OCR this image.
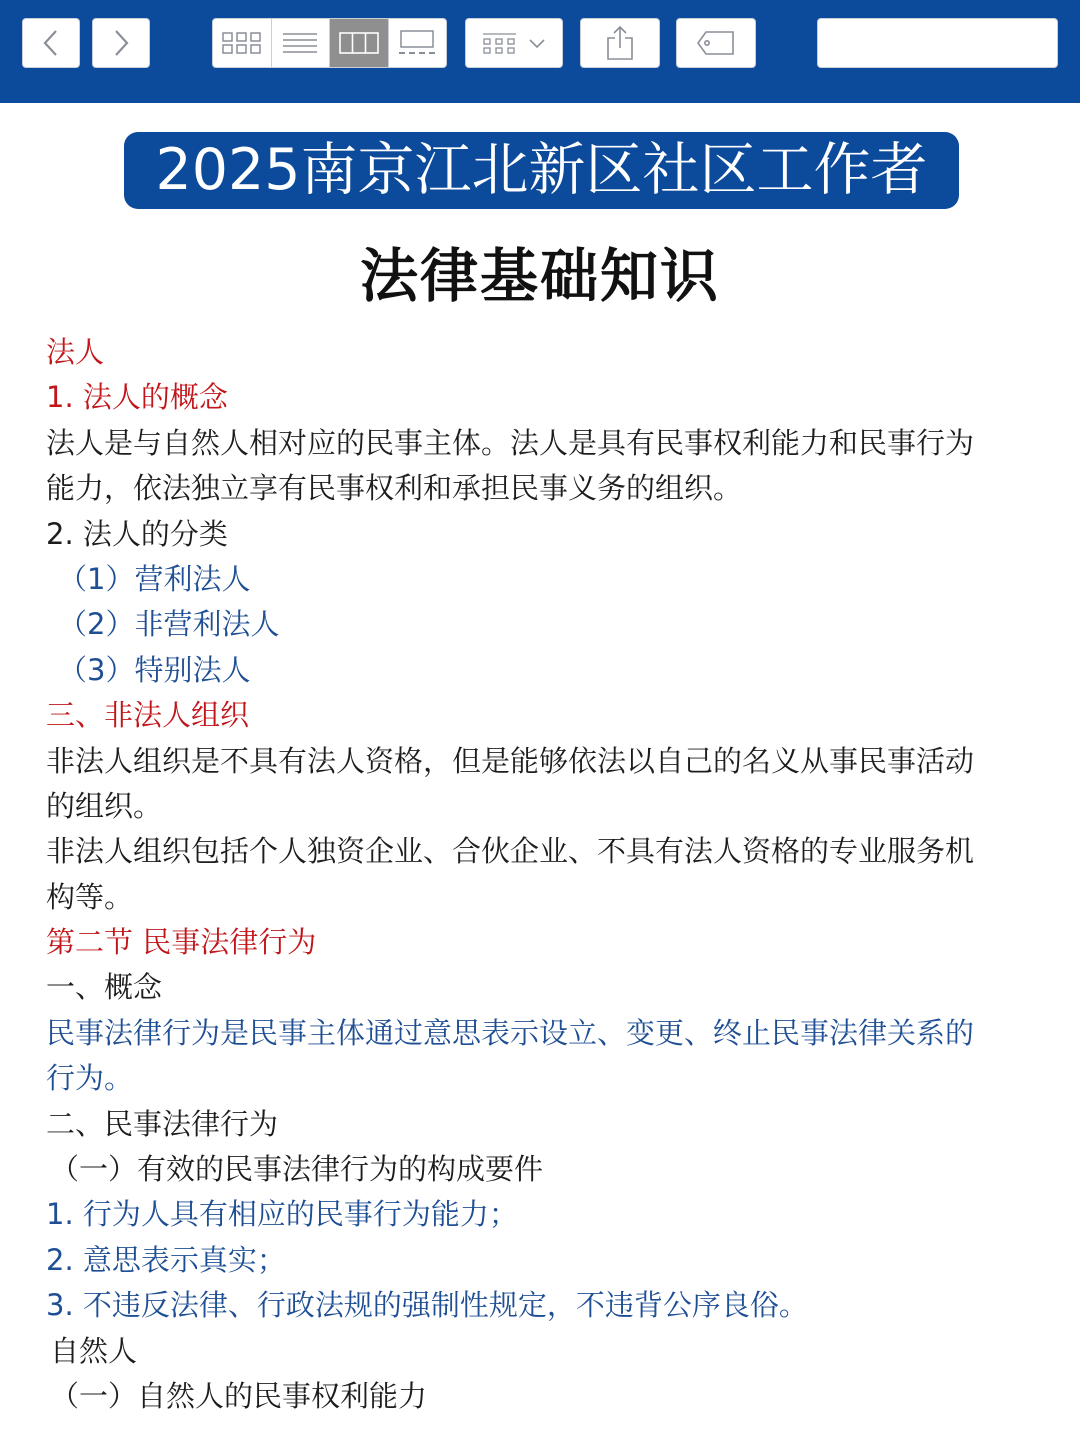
2025南京江北新区社区工作者
法律基础知识
法人
1. 法人的概念
法人是与自然人相对应的民事主体。法人是具有民事权利能力和民事行为
能力，依法独立享有民事权利和承担民事义务的组织。
2. 法人的分类
（1）营利法人
（2）非营利法人
（3）特别法人
三、非法人组织
非法人组织是不具有法人资格，但是能够依法以自己的名义从事民事活动
的组织。
非法人组织包括个人独资企业、合伙企业、不具有法人资格的专业服务机
构等。
第二节 民事法律行为
一、概念
民事法律行为是民事主体通过意思表示设立、变更、终止民事法律关系的
行为。
二、民事法律行为
（一）有效的民事法律行为的构成要件
1. 行为人具有相应的民事行为能力；
2. 意思表示真实；
3. 不违反法律、行政法规的强制性规定，不违背公序良俗。
自然人
（一）自然人的民事权利能力
